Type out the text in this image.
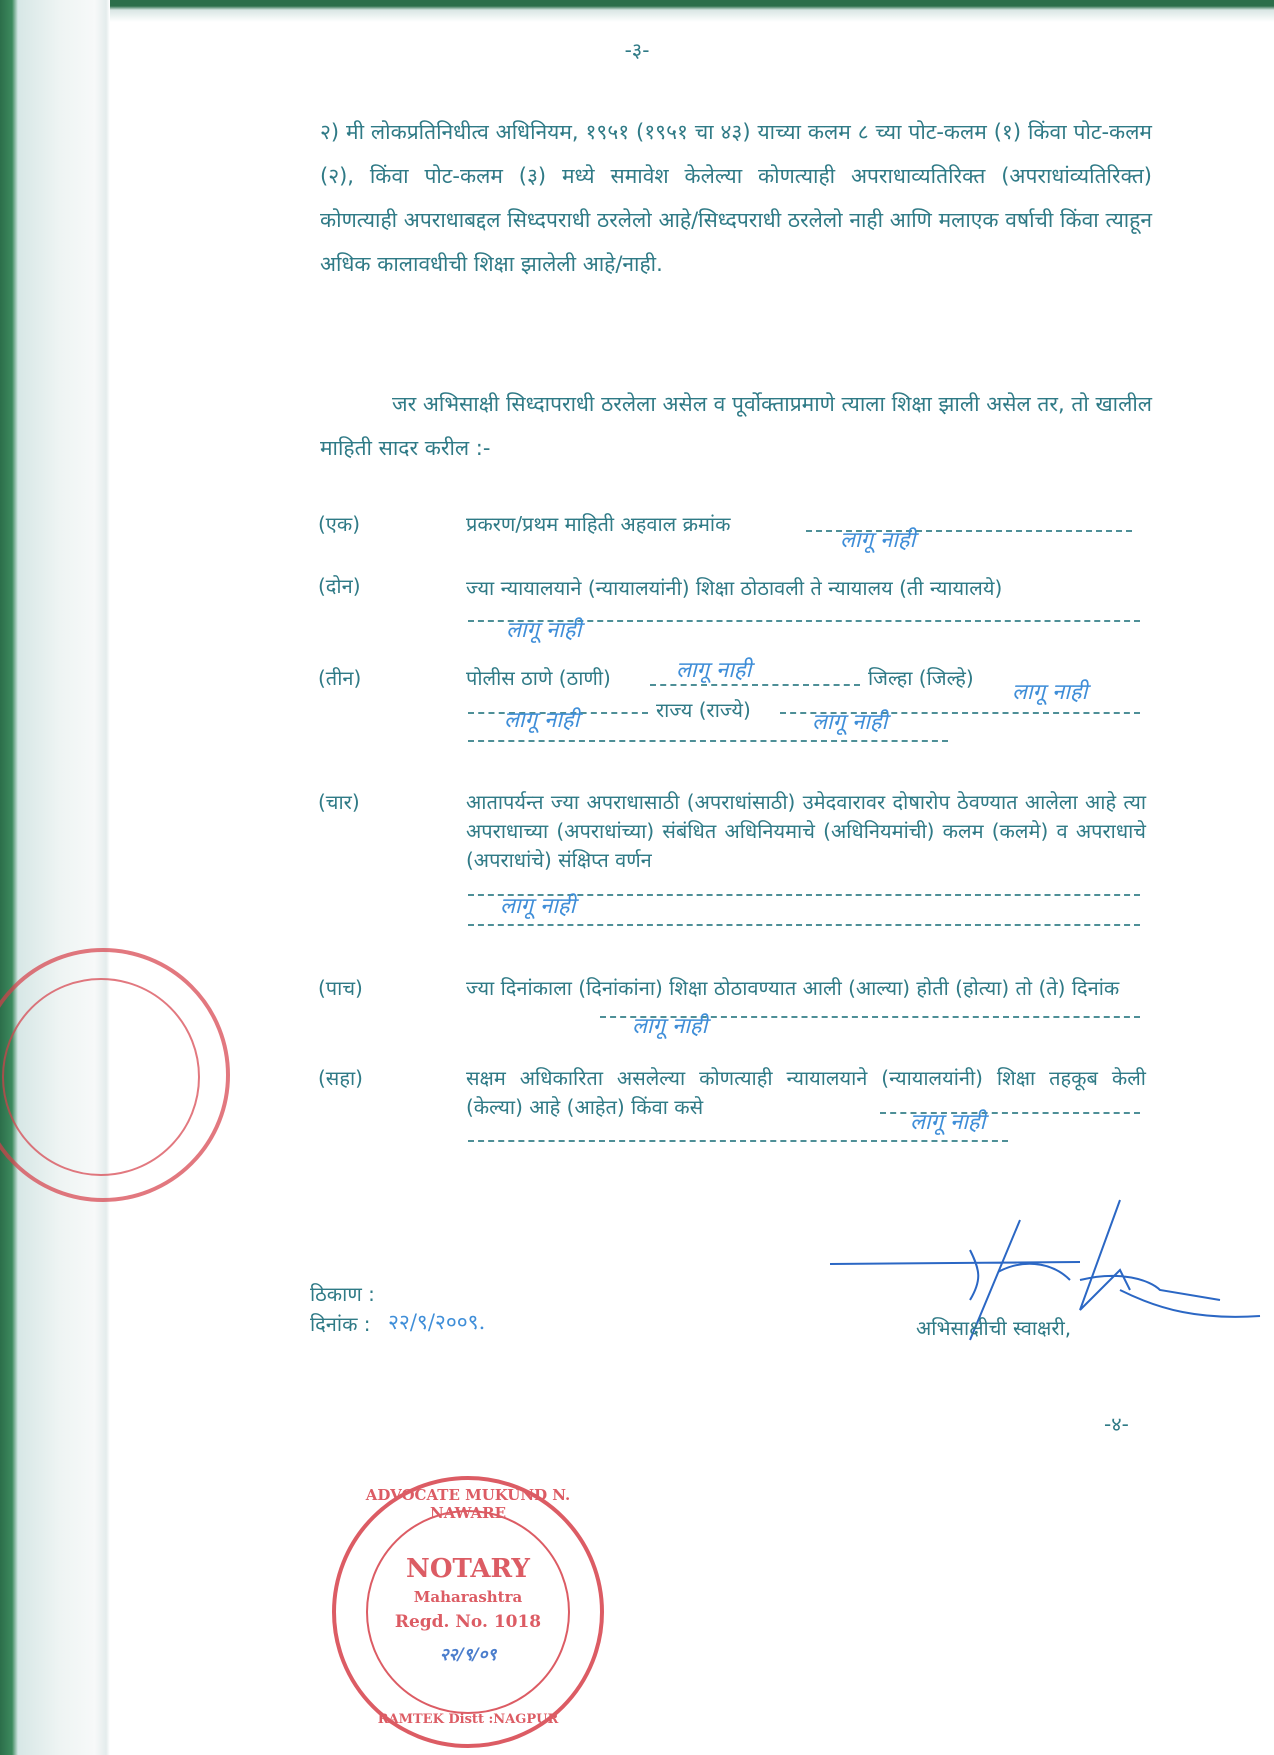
-३-
२) मी लोकप्रतिनिधीत्व अधिनियम, १९५१ (१९५१ चा ४३) याच्या कलम ८ च्या पोट-कलम (१) किंवा पोट-कलम (२), किंवा पोट-कलम (३) मध्ये समावेश केलेल्या कोणत्याही अपराधाव्यतिरिक्त (अपराधांव्यतिरिक्त) कोणत्याही अपराधाबद्दल सिध्दपराधी ठरलेलो आहे/सिध्दपराधी ठरलेलो नाही आणि मलाएक वर्षाची किंवा त्याहून अधिक कालावधीची शिक्षा झालेली आहे/नाही.
जर अभिसाक्षी सिध्दापराधी ठरलेला असेल व पूर्वोक्ताप्रमाणे त्याला शिक्षा झाली असेल तर, तो खालील माहिती सादर करील :-
(एक)	प्रकरण/प्रथम माहिती अहवाल क्रमांक
लागू नाही
(दोन)	ज्या न्यायालयाने (न्यायालयांनी) शिक्षा ठोठावली ते न्यायालय (ती न्यायालये)
लागू नाही
(तीन)	पोलीस ठाणे (ठाणी)	लागू नाही	जिल्हा (जिल्हे)
लागू नाही
लागू नाही	राज्य (राज्ये)	लागू नाही
(चार)	आतापर्यन्त ज्या अपराधासाठी (अपराधांसाठी) उमेदवारावर दोषारोप ठेवण्यात आलेला आहे त्या अपराधाच्या (अपराधांच्या) संबंधित अधिनियमाचे (अधिनियमांची) कलम (कलमे) व अपराधाचे (अपराधांचे) संक्षिप्त वर्णन
लागू नाही
(पाच)	ज्या दिनांकाला (दिनांकांना) शिक्षा ठोठावण्यात आली (आल्या) होती (होत्या) तो (ते) दिनांक
लागू नाही
(सहा)	सक्षम अधिकारिता असलेल्या कोणत्याही न्यायालयाने (न्यायालयांनी) शिक्षा तहकूब केली (केल्या) आहे (आहेत) किंवा कसे
लागू नाही
ठिकाण :
दिनांक : २२/९/२००९.	अभिसाक्षीची स्वाक्षरी,
-४-
ADVOCATE MUKUND N. NAWARE
NOTARY
Maharashtra
Regd. No. 1018
२२/९/०९
RAMTEK Distt :NAGPUR
